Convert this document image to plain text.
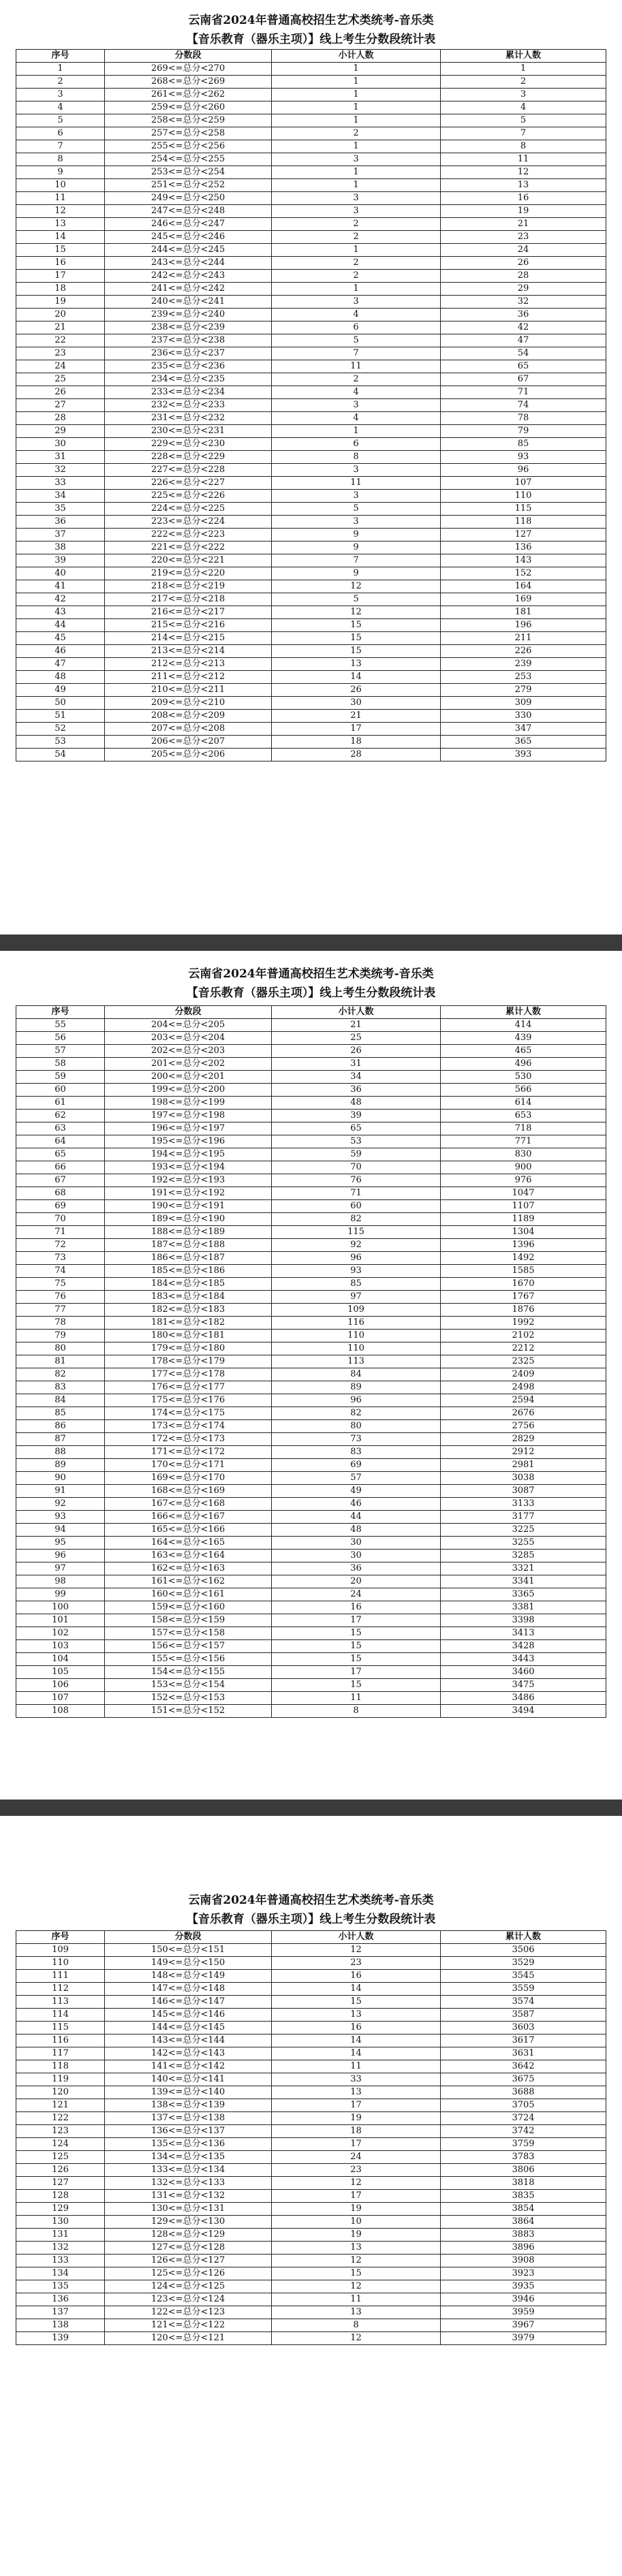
云南省2024年普通高校招生艺术类统考-音乐类
【音乐教育（器乐主项）】线上考生分数段统计表
序号	分数段	小计人数	累计人数
1	269<=总分<270	1	1
2	268<=总分<269	1	2
3	261<=总分<262	1	3
4	259<=总分<260	1	4
5	258<=总分<259	1	5
6	257<=总分<258	2	7
7	255<=总分<256	1	8
8	254<=总分<255	3	11
9	253<=总分<254	1	12
10	251<=总分<252	1	13
11	249<=总分<250	3	16
12	247<=总分<248	3	19
13	246<=总分<247	2	21
14	245<=总分<246	2	23
15	244<=总分<245	1	24
16	243<=总分<244	2	26
17	242<=总分<243	2	28
18	241<=总分<242	1	29
19	240<=总分<241	3	32
20	239<=总分<240	4	36
21	238<=总分<239	6	42
22	237<=总分<238	5	47
23	236<=总分<237	7	54
24	235<=总分<236	11	65
25	234<=总分<235	2	67
26	233<=总分<234	4	71
27	232<=总分<233	3	74
28	231<=总分<232	4	78
29	230<=总分<231	1	79
30	229<=总分<230	6	85
31	228<=总分<229	8	93
32	227<=总分<228	3	96
33	226<=总分<227	11	107
34	225<=总分<226	3	110
35	224<=总分<225	5	115
36	223<=总分<224	3	118
37	222<=总分<223	9	127
38	221<=总分<222	9	136
39	220<=总分<221	7	143
40	219<=总分<220	9	152
41	218<=总分<219	12	164
42	217<=总分<218	5	169
43	216<=总分<217	12	181
44	215<=总分<216	15	196
45	214<=总分<215	15	211
46	213<=总分<214	15	226
47	212<=总分<213	13	239
48	211<=总分<212	14	253
49	210<=总分<211	26	279
50	209<=总分<210	30	309
51	208<=总分<209	21	330
52	207<=总分<208	17	347
53	206<=总分<207	18	365
54	205<=总分<206	28	393
云南省2024年普通高校招生艺术类统考-音乐类
【音乐教育（器乐主项）】线上考生分数段统计表
序号	分数段	小计人数	累计人数
55	204<=总分<205	21	414
56	203<=总分<204	25	439
57	202<=总分<203	26	465
58	201<=总分<202	31	496
59	200<=总分<201	34	530
60	199<=总分<200	36	566
61	198<=总分<199	48	614
62	197<=总分<198	39	653
63	196<=总分<197	65	718
64	195<=总分<196	53	771
65	194<=总分<195	59	830
66	193<=总分<194	70	900
67	192<=总分<193	76	976
68	191<=总分<192	71	1047
69	190<=总分<191	60	1107
70	189<=总分<190	82	1189
71	188<=总分<189	115	1304
72	187<=总分<188	92	1396
73	186<=总分<187	96	1492
74	185<=总分<186	93	1585
75	184<=总分<185	85	1670
76	183<=总分<184	97	1767
77	182<=总分<183	109	1876
78	181<=总分<182	116	1992
79	180<=总分<181	110	2102
80	179<=总分<180	110	2212
81	178<=总分<179	113	2325
82	177<=总分<178	84	2409
83	176<=总分<177	89	2498
84	175<=总分<176	96	2594
85	174<=总分<175	82	2676
86	173<=总分<174	80	2756
87	172<=总分<173	73	2829
88	171<=总分<172	83	2912
89	170<=总分<171	69	2981
90	169<=总分<170	57	3038
91	168<=总分<169	49	3087
92	167<=总分<168	46	3133
93	166<=总分<167	44	3177
94	165<=总分<166	48	3225
95	164<=总分<165	30	3255
96	163<=总分<164	30	3285
97	162<=总分<163	36	3321
98	161<=总分<162	20	3341
99	160<=总分<161	24	3365
100	159<=总分<160	16	3381
101	158<=总分<159	17	3398
102	157<=总分<158	15	3413
103	156<=总分<157	15	3428
104	155<=总分<156	15	3443
105	154<=总分<155	17	3460
106	153<=总分<154	15	3475
107	152<=总分<153	11	3486
108	151<=总分<152	8	3494
云南省2024年普通高校招生艺术类统考-音乐类
【音乐教育（器乐主项）】线上考生分数段统计表
序号	分数段	小计人数	累计人数
109	150<=总分<151	12	3506
110	149<=总分<150	23	3529
111	148<=总分<149	16	3545
112	147<=总分<148	14	3559
113	146<=总分<147	15	3574
114	145<=总分<146	13	3587
115	144<=总分<145	16	3603
116	143<=总分<144	14	3617
117	142<=总分<143	14	3631
118	141<=总分<142	11	3642
119	140<=总分<141	33	3675
120	139<=总分<140	13	3688
121	138<=总分<139	17	3705
122	137<=总分<138	19	3724
123	136<=总分<137	18	3742
124	135<=总分<136	17	3759
125	134<=总分<135	24	3783
126	133<=总分<134	23	3806
127	132<=总分<133	12	3818
128	131<=总分<132	17	3835
129	130<=总分<131	19	3854
130	129<=总分<130	10	3864
131	128<=总分<129	19	3883
132	127<=总分<128	13	3896
133	126<=总分<127	12	3908
134	125<=总分<126	15	3923
135	124<=总分<125	12	3935
136	123<=总分<124	11	3946
137	122<=总分<123	13	3959
138	121<=总分<122	8	3967
139	120<=总分<121	12	3979
